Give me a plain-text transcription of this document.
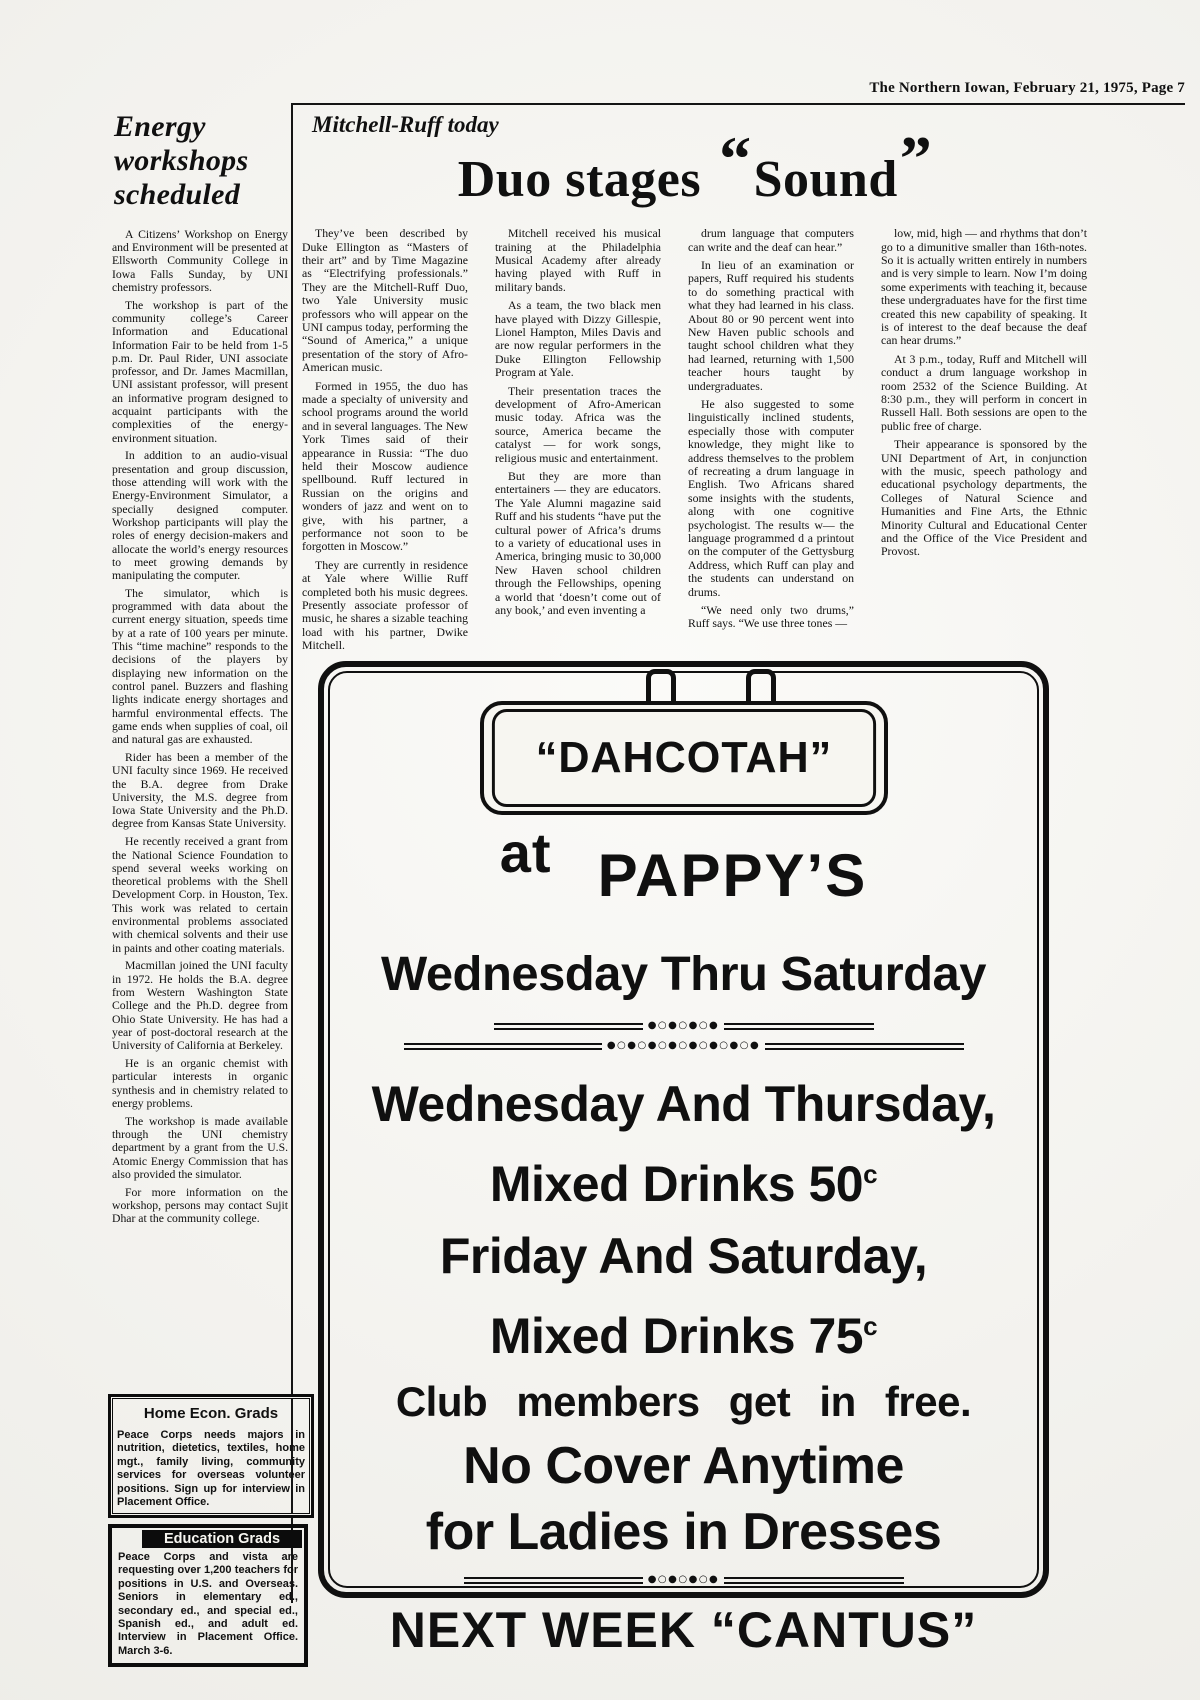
The Northern Iowan, February 21, 1975, Page 7
Energy
workshops
scheduled

A Citizens’ Workshop on Energy and Environment will be presented at Ellsworth Community College in Iowa Falls Sunday, by UNI chemistry professors.

The workshop is part of the community college’s Career Information and Educational Information Fair to be held from 1-5 p.m. Dr. Paul Rider, UNI associate professor, and Dr. James Macmillan, UNI assistant professor, will present an informative program designed to acquaint participants with the complexities of the energy-environment situation.

In addition to an audio-visual presentation and group discussion, those attending will work with the Energy-Environment Simulator, a specially designed computer. Workshop participants will play the roles of energy decision-makers and allocate the world’s energy resources to meet growing demands by manipulating the computer.

The simulator, which is programmed with data about the current energy situation, speeds time by at a rate of 100 years per minute. This “time machine” responds to the decisions of the players by displaying new information on the control panel. Buzzers and flashing lights indicate energy shortages and harmful environmental effects. The game ends when supplies of coal, oil and natural gas are exhausted.

Rider has been a member of the UNI faculty since 1969. He received the B.A. degree from Drake University, the M.S. degree from Iowa State University and the Ph.D. degree from Kansas State University.

He recently received a grant from the National Science Foundation to spend several weeks working on theoretical problems with the Shell Development Corp. in Houston, Tex. This work was related to certain environmental problems associated with chemical solvents and their use in paints and other coating materials.

Macmillan joined the UNI faculty in 1972. He holds the B.A. degree from Western Washington State College and the Ph.D. degree from Ohio State University. He has had a year of post-doctoral research at the University of California at Berkeley.

He is an organic chemist with particular interests in organic synthesis and in chemistry related to energy problems.

The workshop is made available through the UNI chemistry department by a grant from the U.S. Atomic Energy Commission that has also provided the simulator.

For more information on the workshop, persons may contact Sujit Dhar at the community college.

Home Econ. Grads

Peace Corps needs majors in nutrition, dietetics, textiles, home mgt., family living, community services for overseas volunteer positions. Sign up for interview in Placement Office.

Education Grads

Peace Corps and vista are requesting over 1,200 teachers for positions in U.S. and Overseas. Seniors in elementary ed., secondary ed., and special ed., Spanish ed., and adult ed. Interview in Placement Office. March 3-6.

Mitchell-Ruff today
Duo stages “Sound”

They’ve been described by Duke Ellington as “Masters of their art” and by Time Magazine as “Electrifying professionals.” They are the Mitchell-Ruff Duo, two Yale University music professors who will appear on the UNI campus today, performing the “Sound of America,” a unique presentation of the story of Afro-American music.

Formed in 1955, the duo has made a specialty of university and school programs around the world and in several languages. The New York Times said of their appearance in Russia: “The duo held their Moscow audience spellbound. Ruff lectured in Russian on the origins and wonders of jazz and went on to give, with his partner, a performance not soon to be forgotten in Moscow.”

They are currently in residence at Yale where Willie Ruff completed both his music degrees. Presently associate professor of music, he shares a sizable teaching load with his partner, Dwike Mitchell.

Mitchell received his musical training at the Philadelphia Musical Academy after already having played with Ruff in military bands.

As a team, the two black men have played with Dizzy Gillespie, Lionel Hampton, Miles Davis and are now regular performers in the Duke Ellington Fellowship Program at Yale.

Their presentation traces the development of Afro-American music today. Africa was the source, America became the catalyst — for work songs, religious music and entertainment.

But they are more than entertainers — they are educators. The Yale Alumni magazine said Ruff and his students “have put the cultural power of Africa’s drums to a variety of educational uses in America, bringing music to 30,000 New Haven school children through the Fellowships, opening a world that ‘doesn’t come out of any book,’ and even inventing a

drum language that computers can write and the deaf can hear.”

In lieu of an examination or papers, Ruff required his students to do something practical with what they had learned in his class. About 80 or 90 percent went into New Haven public schools and taught school children what they had learned, returning with 1,500 teacher hours taught by undergraduates.

He also suggested to some linguistically inclined students, especially those with computer knowledge, they might like to address themselves to the problem of recreating a drum language in English. Two Africans shared some insights with the students, along with one cognitive psychologist. The results w— the language programmed d a printout on the computer of the Gettysburg Address, which Ruff can play and the students can understand on drums.

“We need only two drums,” Ruff says. “We use three tones —

low, mid, high — and rhythms that don’t go to a dimunitive smaller than 16th-notes. So it is actually written entirely in numbers and is very simple to learn. Now I’m doing some experiments with teaching it, because these undergraduates have for the first time created this new capability of speaking. It is of interest to the deaf because the deaf can hear drums.”

At 3 p.m., today, Ruff and Mitchell will conduct a drum language workshop in room 2532 of the Science Building. At 8:30 p.m., they will perform in concert in Russell Hall. Both sessions are open to the public free of charge.

Their appearance is sponsored by the UNI Department of Art, in conjunction with the music, speech pathology and educational psychology departments, the Colleges of Natural Science and Humanities and Fine Arts, the Ethnic Minority Cultural and Educational Center and the Office of the Vice President and Provost.

“DAHCOTAH”
at PAPPY’S
Wednesday Thru Saturday
●○●○●○●
●○●○●○●○●○●○●○●
Wednesday And Thursday,
Mixed Drinks 50$^c$
Friday And Saturday,
Mixed Drinks 75$^c$
Club members get in free.
No Cover Anytime
for Ladies in Dresses
●○●○●○●
NEXT WEEK “CANTUS”
